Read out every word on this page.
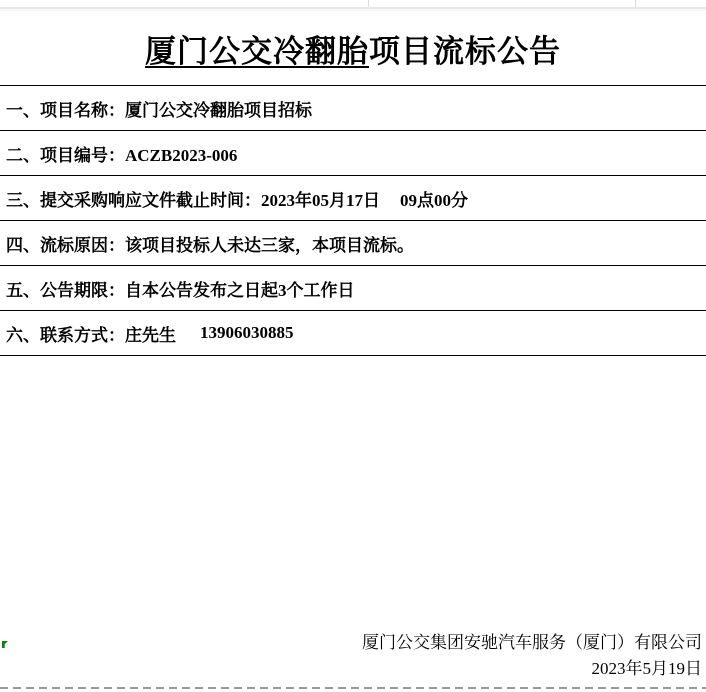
厦门公交冷翻胎项目流标公告
一、项目名称：厦门公交冷翻胎项目招标
二、项目编号：ACZB2023-006
三、提交采购响应文件截止时间：2023年05月17日 09点00分
四、流标原因：该项目投标人未达三家，本项目流标。
五、公告期限：自本公告发布之日起3个工作日
六、联系方式：庄先生 13906030885
厦门公交集团安驰汽车服务（厦门）有限公司
2023年5月19日
